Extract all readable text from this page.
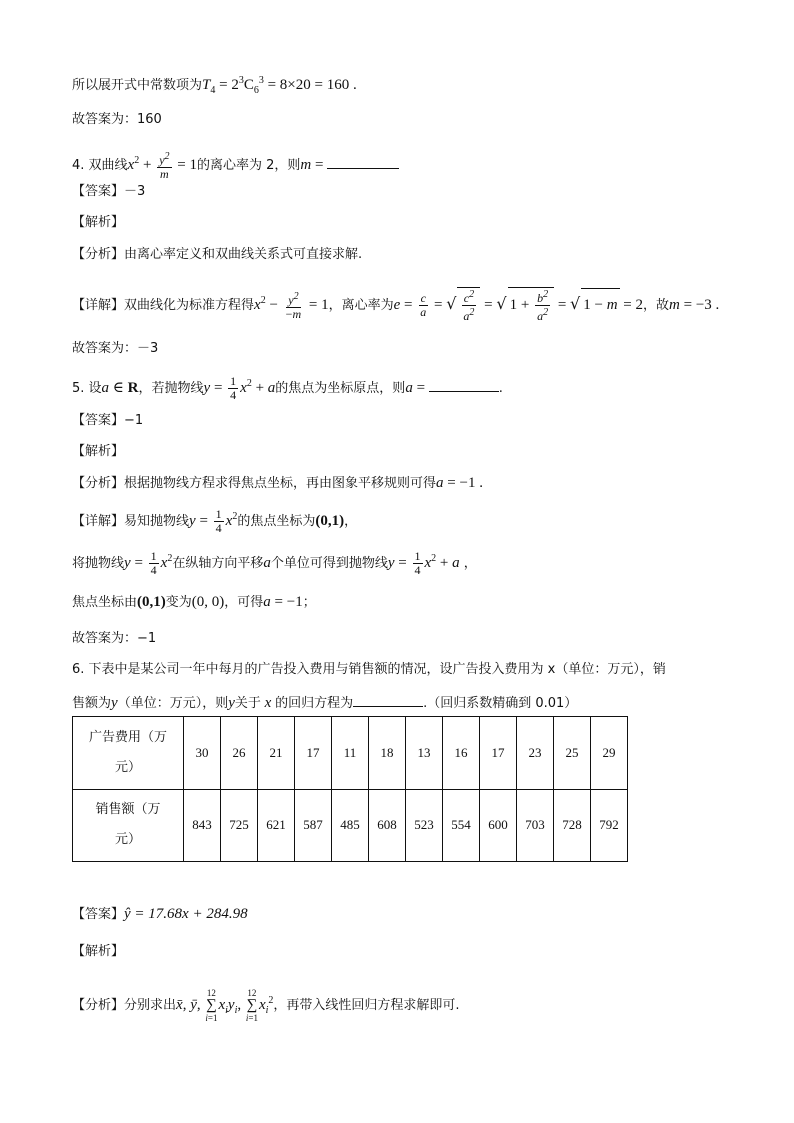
所以展开式中常数项为$T_4 = 2^3C_6^3 = 8\times 20 = 160$ .
故答案为：160
4. 双曲线$x^2 + \frac{y^2}{m} = 1$的离心率为 2，则m =
【答案】－3
【解析】
【分析】由离心率定义和双曲线关系式可直接求解.
【详解】双曲线化为标准方程得$x^2 - \frac{y^2}{-m} = 1$，离心率为$e = \frac{c}{a}$ = √ $\frac{c^2}{a^2}$ = √ $1 + \frac{b^2}{a^2}$ = √ 1 − m = 2，故m = −3 .
故答案为：－3
5. 设a ∈ R，若抛物线$y = \frac{1}{4} x^2 + a$的焦点为坐标原点，则a =	.
【答案】−1
【解析】
【分析】根据抛物线方程求得焦点坐标，再由图象平移规则可得a = −1 .
【详解】易知抛物线$y = \frac{1}{4} x^2$的焦点坐标为(0,1)，
将抛物线$y = \frac{1}{4} x^2$在纵轴方向平移a个单位可得到抛物线$y = \frac{1}{4} x^2 + a$ ，
焦点坐标由(0,1)变为(0, 0)，可得a = −1；
故答案为：−1
6. 下表中是某公司一年中每月的广告投入费用与销售额的情况，设广告投入费用为 x（单位：万元），销
售额为y（单位：万元），则y关于 x 的回归方程为	.（回归系数精确到 0.01）
广告费用（万
元）	30	26	21	17	11	18	13	16	17	23	25	29
销售额（万
元）	843	725	621	587	485	608	523	554	600	703	728	792
【答案】ŷ = 17.68x + 284.98
【解析】
【分析】分别求出x̄, ȳ,
12
∑
i=1
$x_iy_i$,
12
∑
i=1
$x_i^2$，再带入线性回归方程求解即可.
